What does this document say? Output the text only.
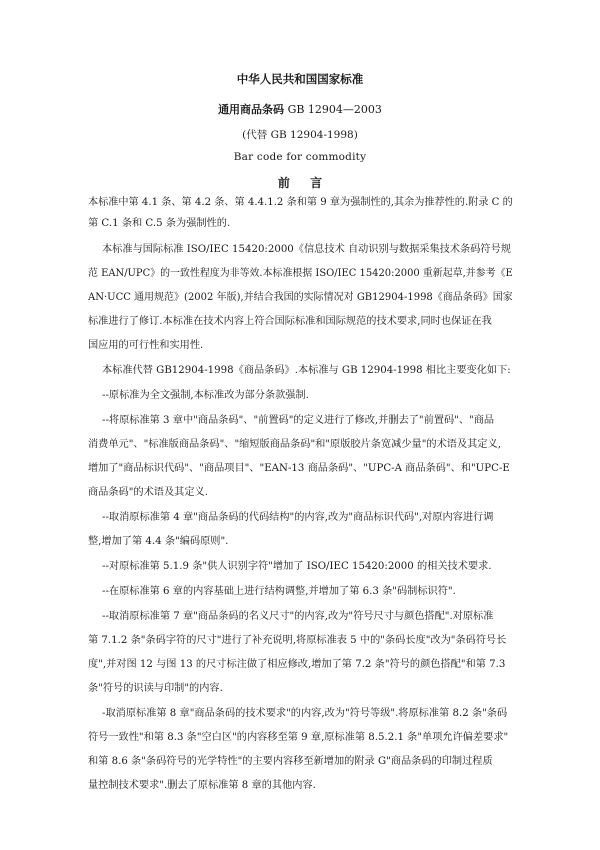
中华人民共和国国家标准
通用商品条码 GB 12904—2003
(代替 GB 12904-1998)
Bar code for commodity
前 言
本标准中第 4.1 条、第 4.2 条、第 4.4.1.2 条和第 9 章为强制性的,其余为推荐性的.附录 C 的
第 C.1 条和 C.5 条为强制性的.
本标准与国际标准 ISO/IEC 15420:2000《信息技术 自动识别与数据采集技术条码符号规
范 EAN/UPC》的一致性程度为非等效.本标准根据 ISO/IEC 15420:2000 重新起草,并参考《E
AN·UCC 通用规范》(2002 年版),并结合我国的实际情况对 GB12904-1998《商品条码》国家
标准进行了修订.本标准在技术内容上符合国际标准和国际规范的技术要求,同时也保证在我
国应用的可行性和实用性.
本标准代替 GB12904-1998《商品条码》.本标准与 GB 12904-1998 相比主要变化如下:
--原标准为全文强制,本标准改为部分条款强制.
--将原标准第 3 章中"商品条码"、"前置码"的定义进行了修改,并删去了"前置码"、"商品
消费单元"、"标准版商品条码"、"缩短版商品条码"和"原版胶片条宽减少量"的术语及其定义,
增加了"商品标识代码"、"商品项目"、"EAN-13 商品条码"、"UPC-A 商品条码"、和"UPC-E
商品条码"的术语及其定义.
--取消原标准第 4 章"商品条码的代码结构"的内容,改为"商品标识代码",对原内容进行调
整,增加了第 4.4 条"编码原则".
--对原标准第 5.1.9 条"供人识别字符"增加了 ISO/IEC 15420:2000 的相关技术要求.
--在原标准第 6 章的内容基础上进行结构调整,并增加了第 6.3 条"码制标识符".
--取消原标准第 7 章"商品条码的名义尺寸"的内容,改为"符号尺寸与颜色搭配".对原标准
第 7.1.2 条"条码字符的尺寸"进行了补充说明,将原标准表 5 中的"条码长度"改为"条码符号长
度",并对图 12 与图 13 的尺寸标注做了相应修改,增加了第 7.2 条"符号的颜色搭配"和第 7.3
条"符号的识读与印制"的内容.
-取消原标准第 8 章"商品条码的技术要求"的内容,改为"符号等级".将原标准第 8.2 条"条码
符号一致性"和第 8.3 条"空白区"的内容移至第 9 章,原标准第 8.5.2.1 条"单项允许偏差要求"
和第 8.6 条"条码符号的光学特性"的主要内容移至新增加的附录 G"商品条码的印制过程质
量控制技术要求".删去了原标准第 8 章的其他内容.
